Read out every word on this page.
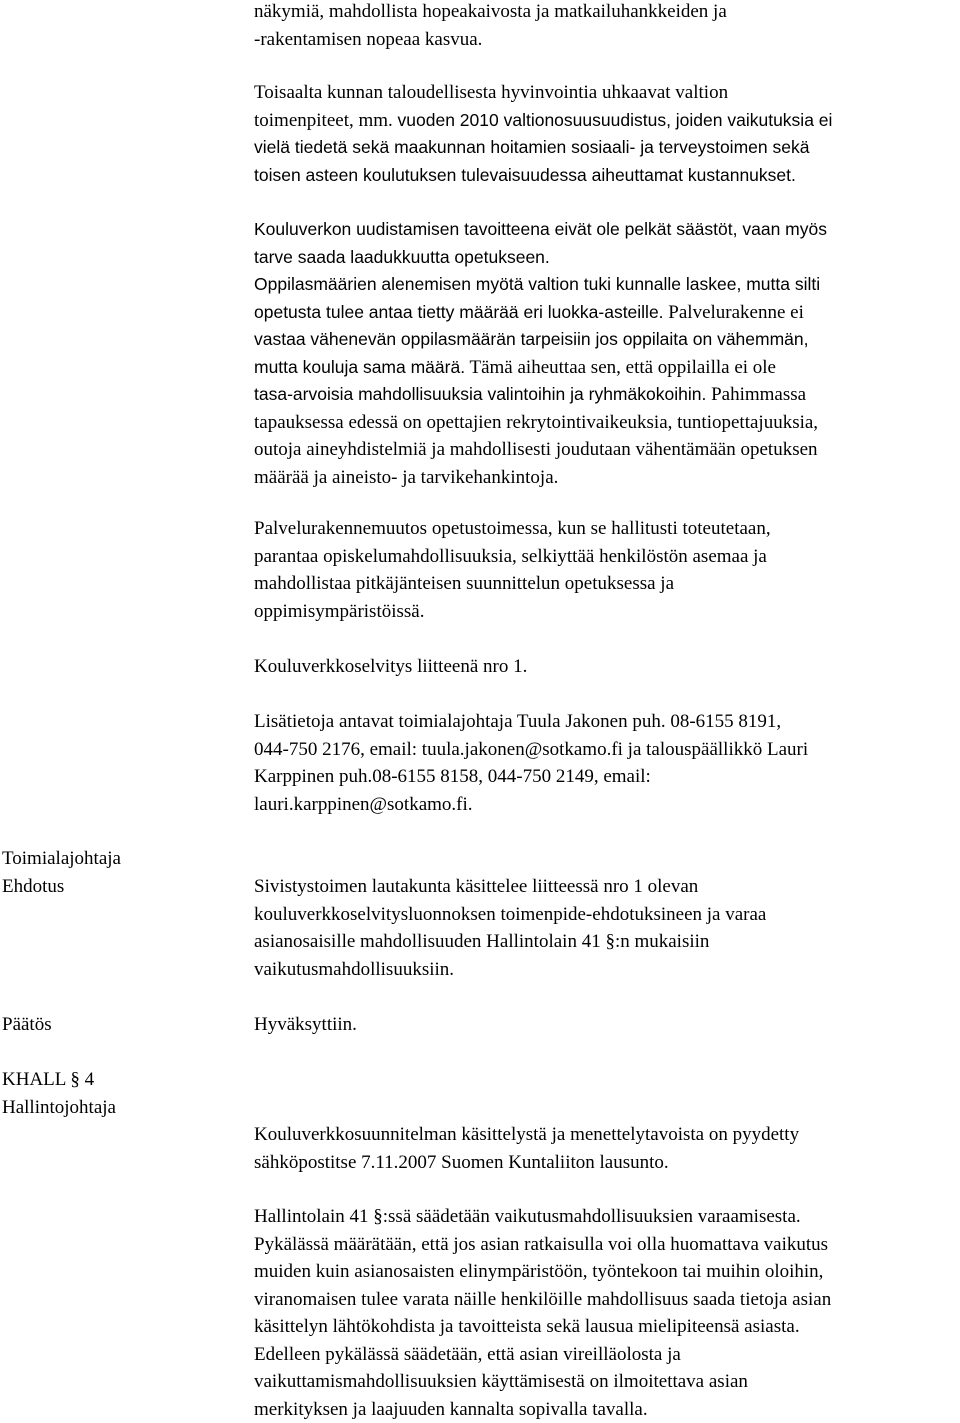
näkymiä, mahdollista hopeakaivosta ja matkailuhankkeiden ja
-rakentamisen nopeaa kasvua.
Toisaalta kunnan taloudellisesta hyvinvointia uhkaavat valtion
toimenpiteet, mm. vuoden 2010 valtionosuusuudistus, joiden vaikutuksia ei
vielä tiedetä sekä maakunnan hoitamien sosiaali- ja terveystoimen sekä
toisen asteen koulutuksen tulevaisuudessa aiheuttamat kustannukset.
Kouluverkon uudistamisen tavoitteena eivät ole pelkät säästöt, vaan myös
tarve saada laadukkuutta opetukseen.
Oppilasmäärien alenemisen myötä valtion tuki kunnalle laskee, mutta silti
opetusta tulee antaa tietty määrää eri luokka-asteille. Palvelurakenne ei
vastaa vähenevän oppilasmäärän tarpeisiin jos oppilaita on vähemmän,
mutta kouluja sama määrä. Tämä aiheuttaa sen, että oppilailla ei ole
tasa-arvoisia mahdollisuuksia valintoihin ja ryhmäkokoihin. Pahimmassa
tapauksessa edessä on opettajien rekrytointivaikeuksia, tuntiopettajuuksia,
outoja aineyhdistelmiä ja mahdollisesti joudutaan vähentämään opetuksen
määrää ja aineisto- ja tarvikehankintoja.
Palvelurakennemuutos opetustoimessa, kun se hallitusti toteutetaan,
parantaa opiskelumahdollisuuksia, selkiyttää henkilöstön asemaa ja
mahdollistaa pitkäjänteisen suunnittelun opetuksessa ja
oppimisympäristöissä.
Kouluverkkoselvitys liitteenä nro 1.
Lisätietoja antavat toimialajohtaja Tuula Jakonen puh. 08-6155 8191,
044-750 2176, email: tuula.jakonen@sotkamo.fi ja talouspäällikkö Lauri
Karppinen puh.08-6155 8158, 044-750 2149, email:
lauri.karppinen@sotkamo.fi.
Toimialajohtaja
Ehdotus	Sivistystoimen lautakunta käsittelee liitteessä nro 1 olevan
kouluverkkoselvitysluonnoksen toimenpide-ehdotuksineen ja varaa
asianosaisille mahdollisuuden Hallintolain 41 §:n mukaisiin
vaikutusmahdollisuuksiin.
Päätös	Hyväksyttiin.
KHALL § 4
Hallintojohtaja
Kouluverkkosuunnitelman käsittelystä ja menettelytavoista on pyydetty
sähköpostitse 7.11.2007 Suomen Kuntaliiton lausunto.
Hallintolain 41 §:ssä säädetään vaikutusmahdollisuuksien varaamisesta.
Pykälässä määrätään, että jos asian ratkaisulla voi olla huomattava vaikutus
muiden kuin asianosaisten elinympäristöön, työntekoon tai muihin oloihin,
viranomaisen tulee varata näille henkilöille mahdollisuus saada tietoja asian
käsittelyn lähtökohdista ja tavoitteista sekä lausua mielipiteensä asiasta.
Edelleen pykälässä säädetään, että asian vireilläolosta ja
vaikuttamismahdollisuuksien käyttämisestä on ilmoitettava asian
merkityksen ja laajuuden kannalta sopivalla tavalla.
